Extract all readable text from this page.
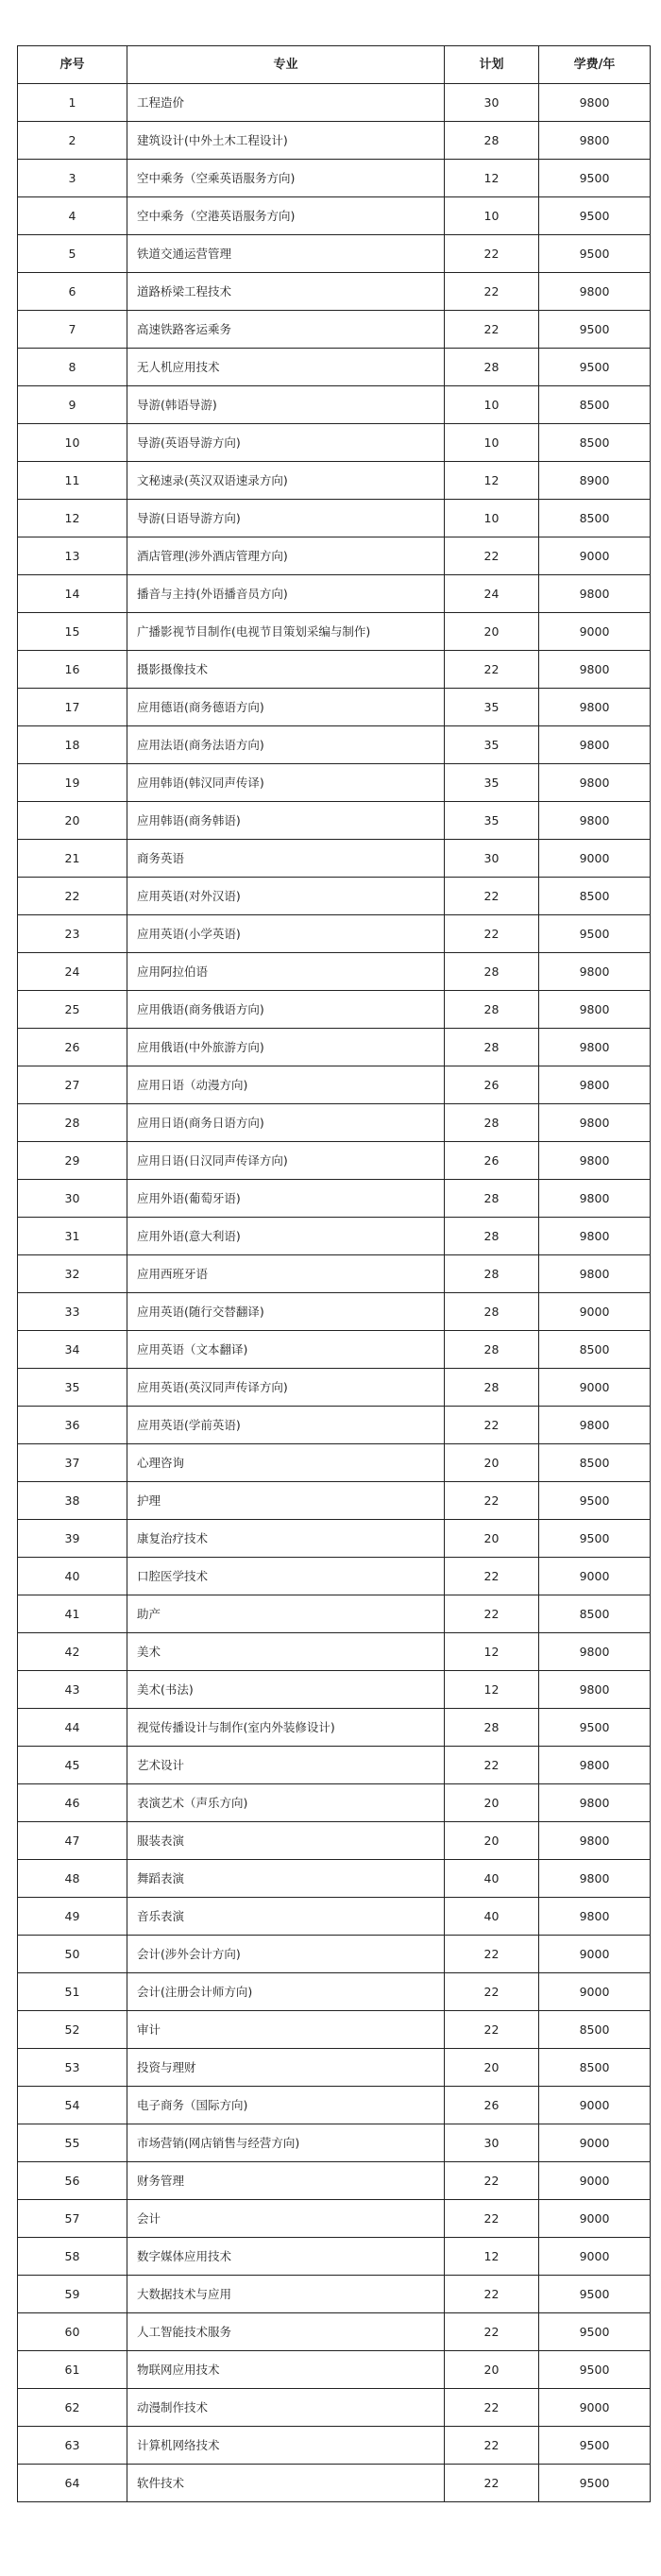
序号	专业	计划	学费/年
1	工程造价	30	9800
2	建筑设计(中外土木工程设计)	28	9800
3	空中乘务（空乘英语服务方向)	12	9500
4	空中乘务（空港英语服务方向)	10	9500
5	铁道交通运营管理	22	9500
6	道路桥梁工程技术	22	9800
7	高速铁路客运乘务	22	9500
8	无人机应用技术	28	9500
9	导游(韩语导游)	10	8500
10	导游(英语导游方向)	10	8500
11	文秘速录(英汉双语速录方向)	12	8900
12	导游(日语导游方向)	10	8500
13	酒店管理(涉外酒店管理方向)	22	9000
14	播音与主持(外语播音员方向)	24	9800
15	广播影视节目制作(电视节目策划采编与制作)	20	9000
16	摄影摄像技术	22	9800
17	应用德语(商务德语方向)	35	9800
18	应用法语(商务法语方向)	35	9800
19	应用韩语(韩汉同声传译)	35	9800
20	应用韩语(商务韩语)	35	9800
21	商务英语	30	9000
22	应用英语(对外汉语)	22	8500
23	应用英语(小学英语)	22	9500
24	应用阿拉伯语	28	9800
25	应用俄语(商务俄语方向)	28	9800
26	应用俄语(中外旅游方向)	28	9800
27	应用日语（动漫方向)	26	9800
28	应用日语(商务日语方向)	28	9800
29	应用日语(日汉同声传译方向)	26	9800
30	应用外语(葡萄牙语)	28	9800
31	应用外语(意大利语)	28	9800
32	应用西班牙语	28	9800
33	应用英语(随行交替翻译)	28	9000
34	应用英语（文本翻译)	28	8500
35	应用英语(英汉同声传译方向)	28	9000
36	应用英语(学前英语)	22	9800
37	心理咨询	20	8500
38	护理	22	9500
39	康复治疗技术	20	9500
40	口腔医学技术	22	9000
41	助产	22	8500
42	美术	12	9800
43	美术(书法)	12	9800
44	视觉传播设计与制作(室内外装修设计)	28	9500
45	艺术设计	22	9800
46	表演艺术（声乐方向)	20	9800
47	服装表演	20	9800
48	舞蹈表演	40	9800
49	音乐表演	40	9800
50	会计(涉外会计方向)	22	9000
51	会计(注册会计师方向)	22	9000
52	审计	22	8500
53	投资与理财	20	8500
54	电子商务（国际方向)	26	9000
55	市场营销(网店销售与经营方向)	30	9000
56	财务管理	22	9000
57	会计	22	9000
58	数字媒体应用技术	12	9000
59	大数据技术与应用	22	9500
60	人工智能技术服务	22	9500
61	物联网应用技术	20	9500
62	动漫制作技术	22	9000
63	计算机网络技术	22	9500
64	软件技术	22	9500
